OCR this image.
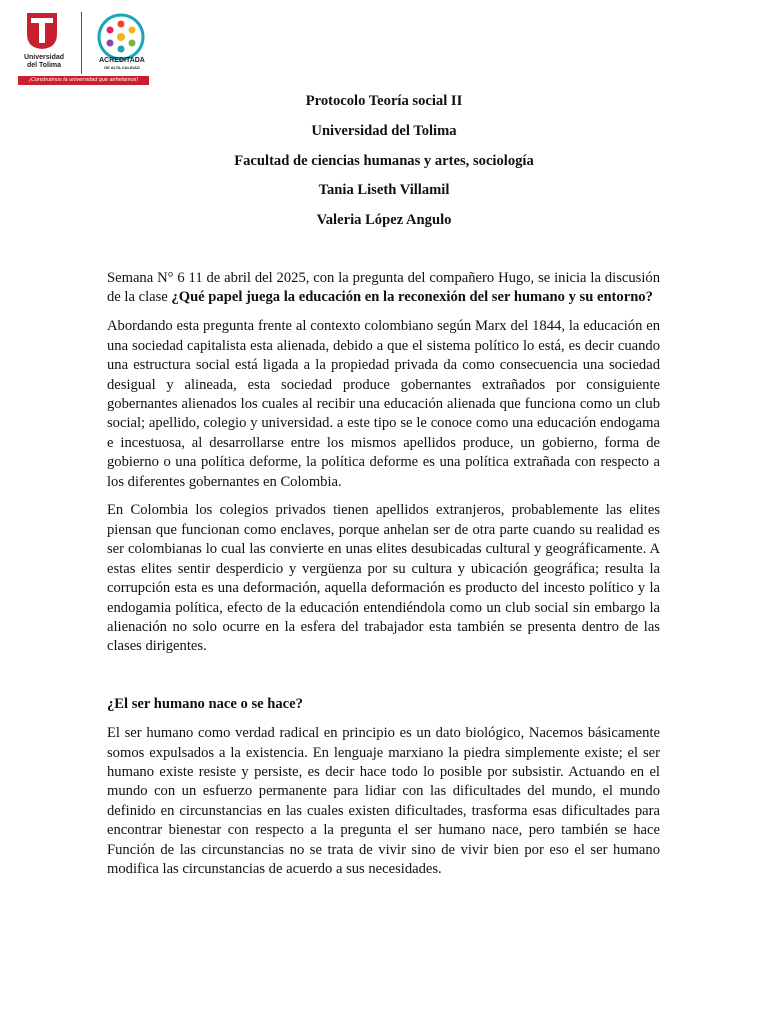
Universidad del Tolima
ACREDITADA
DE ALTA CALIDAD
¡Construimos la universidad que anhelamos!

Protocolo Teoría social II

Universidad del Tolima

Facultad de ciencias humanas y artes, sociología

Tania Liseth Villamil

Valeria López Angulo

Semana N° 6 11 de abril del 2025, con la pregunta del compañero Hugo, se inicia la discusión de la clase ¿Qué papel juega la educación en la reconexión del ser humano y su entorno?

Abordando esta pregunta frente al contexto colombiano según Marx del 1844, la educación en una sociedad capitalista esta alienada, debido a que el sistema político lo está, es decir cuando una estructura social está ligada a la propiedad privada da como consecuencia una sociedad desigual y alineada, esta sociedad produce gobernantes extrañados por consiguiente gobernantes alienados los cuales al recibir una educación alienada que funciona como un club social; apellido, colegio y universidad. a este tipo se le conoce como una educación endogama e incestuosa, al desarrollarse entre los mismos apellidos produce, un gobierno, forma de gobierno o una política deforme, la política deforme es una política extrañada con respecto a los diferentes gobernantes en Colombia.

En Colombia los colegios privados tienen apellidos extranjeros, probablemente las elites piensan que funcionan como enclaves, porque anhelan ser de otra parte cuando su realidad es ser colombianas lo cual las convierte en unas elites desubicadas cultural y geográficamente. A estas elites sentir desperdicio y vergüenza por su cultura y ubicación geográfica; resulta la corrupción esta es una deformación, aquella deformación es producto del incesto político y la endogamia política, efecto de la educación entendiéndola como un club social sin embargo la alienación no solo ocurre en la esfera del trabajador esta también se presenta dentro de las clases dirigentes.

¿El ser humano nace o se hace?

El ser humano como verdad radical en principio es un dato biológico, Nacemos básicamente somos expulsados a la existencia. En lenguaje marxiano la piedra simplemente existe; el ser humano existe resiste y persiste, es decir hace todo lo posible por subsistir. Actuando en el mundo con un esfuerzo permanente para lidiar con las dificultades del mundo, el mundo definido en circunstancias en las cuales existen dificultades, trasforma esas dificultades para encontrar bienestar con respecto a la pregunta el ser humano nace, pero también se hace Función de las circunstancias no se trata de vivir sino de vivir bien por eso el ser humano modifica las circunstancias de acuerdo a sus necesidades.
